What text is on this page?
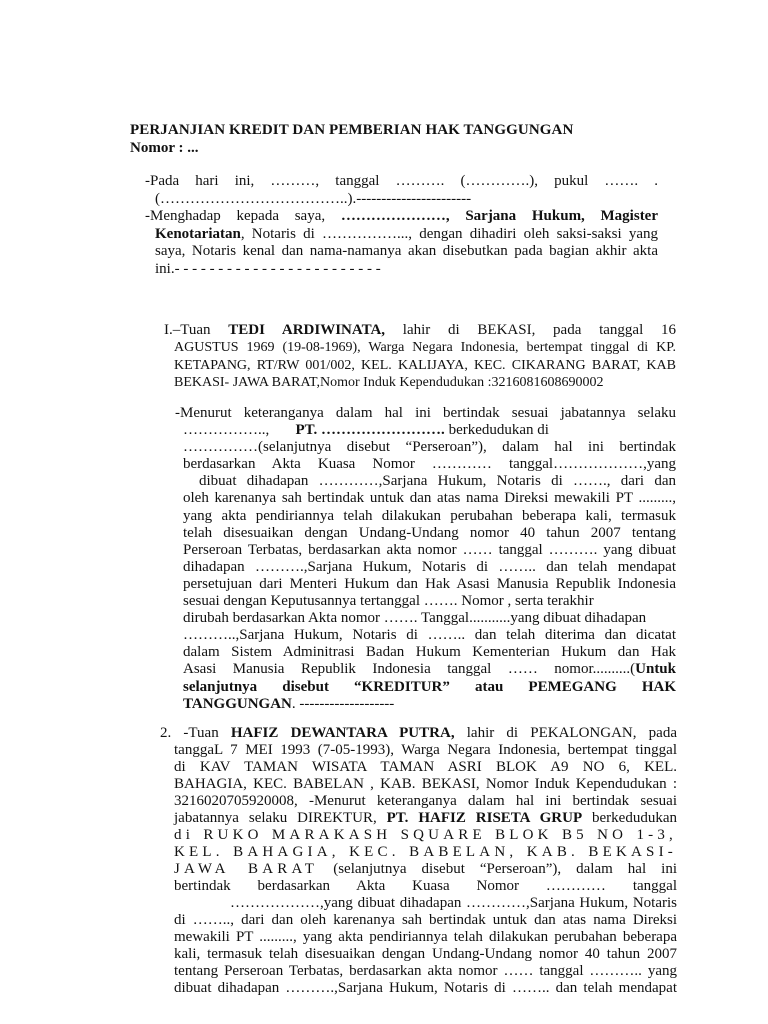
PERJANJIAN KREDIT DAN PEMBERIAN HAK TANGGUNGAN
Nomor : ...
-Pada hari ini, ………, tanggal ………. (………….), pukul ……. .
(………………………………..).-----------------------
-Menghadap kepada saya, …………………, Sarjana Hukum, Magister
Kenotariatan, Notaris di ……………..., dengan dihadiri oleh saksi-saksi yang
saya, Notaris kenal dan nama-namanya akan disebutkan pada bagian akhir akta
ini.- - - - - - - - - - - - - - - - - - - - - - - -
I.–Tuan TEDI ARDIWINATA, lahir di BEKASI, pada tanggal 16
AGUSTUS 1969 (19-08-1969), Warga Negara Indonesia, bertempat tinggal di KP.
KETAPANG, RT/RW 001/002, KEL. KALIJAYA, KEC. CIKARANG BARAT, KAB
BEKASI- JAWA BARAT,Nomor Induk Kependudukan :3216081608690002
-Menurut keteranganya dalam hal ini bertindak sesuai jabatannya selaku
…………….., PT. ……………………. berkedudukan di
……………(selanjutnya disebut “Perseroan”), dalam hal ini bertindak
berdasarkan Akta Kuasa Nomor ………… tanggal………………,yang
dibuat dihadapan …………,Sarjana Hukum, Notaris di ……., dari dan
oleh karenanya sah bertindak untuk dan atas nama Direksi mewakili PT .........,
yang akta pendiriannya telah dilakukan perubahan beberapa kali, termasuk
telah disesuaikan dengan Undang-Undang nomor 40 tahun 2007 tentang
Perseroan Terbatas, berdasarkan akta nomor …… tanggal ………. yang dibuat
dihadapan ……….,Sarjana Hukum, Notaris di …….. dan telah mendapat
persetujuan dari Menteri Hukum dan Hak Asasi Manusia Republik Indonesia
sesuai dengan Keputusannya tertanggal ……. Nomor , serta terakhir
dirubah berdasarkan Akta nomor ……. Tanggal...........yang dibuat dihadapan
………..,Sarjana Hukum, Notaris di …….. dan telah diterima dan dicatat
dalam Sistem Adminitrasi Badan Hukum Kementerian Hukum dan Hak
Asasi Manusia Republik Indonesia tanggal …… nomor..........(Untuk
selanjutnya disebut “KREDITUR” atau PEMEGANG HAK
TANGGUNGAN. -------------------
2. -Tuan HAFIZ DEWANTARA PUTRA, lahir di PEKALONGAN, pada
tanggaL 7 MEI 1993 (7-05-1993), Warga Negara Indonesia, bertempat tinggal
di KAV TAMAN WISATA TAMAN ASRI BLOK A9 NO 6, KEL.
BAHAGIA, KEC. BABELAN , KAB. BEKASI, Nomor Induk Kependudukan :
321602070592000​8, -Menurut keteranganya dalam hal ini bertindak sesuai
jabatannya selaku DIREKTUR, PT. HAFIZ RISETA GRUP berkedudukan
di RUKO MARAKASH SQUARE BLOK B5 NO 1-3,
KEL. BAHAGIA, KEC. BABELAN, KAB. BEKASI-
JAWA BARAT (selanjutnya disebut “Perseroan”), dalam hal ini
bertindak berdasarkan Akta Kuasa Nomor ………… tanggal
………………,yang dibuat dihadapan …………,Sarjana Hukum, Notaris
di …….., dari dan oleh karenanya sah bertindak untuk dan atas nama Direksi
mewakili PT ........., yang akta pendiriannya telah dilakukan perubahan beberapa
kali, termasuk telah disesuaikan dengan Undang-Undang nomor 40 tahun 2007
tentang Perseroan Terbatas, berdasarkan akta nomor …… tanggal ……….. yang
dibuat dihadapan ……….,Sarjana Hukum, Notaris di …….. dan telah mendapat
